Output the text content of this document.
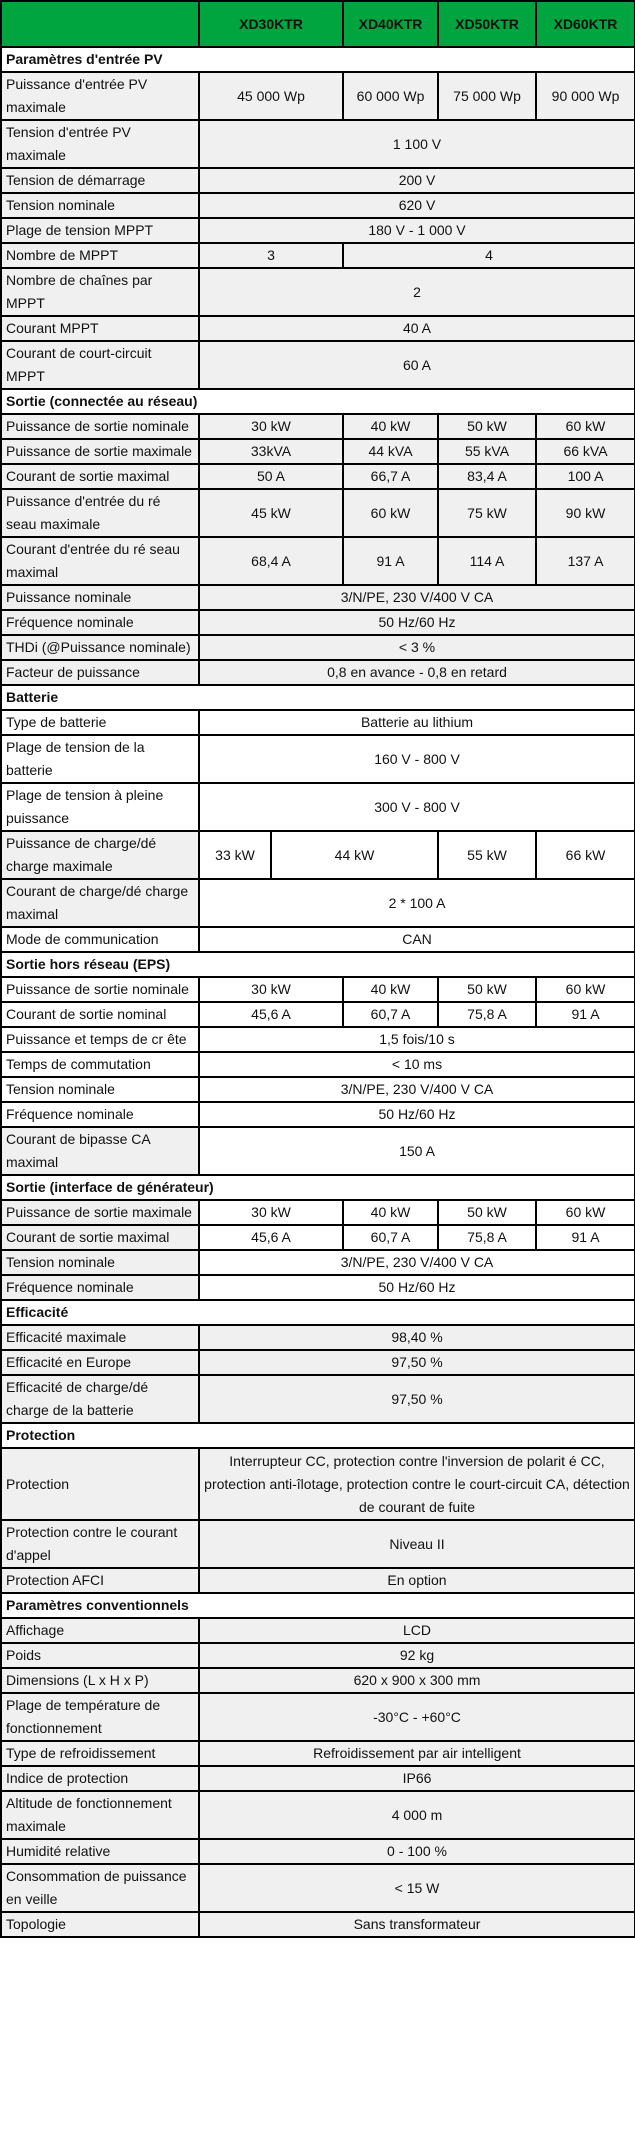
	XD30KTR		XD40KTR	XD50KTR	XD60KTR
Paramètres d'entrée PV					
Puissance d'entrée PV maximale	45 000 Wp		60 000 Wp	75 000 Wp	90 000 Wp
Tension d'entrée PV maximale	1 100 V				
Tension de démarrage	200 V				
Tension nominale	620 V				
Plage de tension MPPT	180 V - 1 000 V				
Nombre de MPPT	3		4		
Nombre de chaînes par MPPT	2				
Courant MPPT	40 A				
Courant de court-circuit MPPT	60 A				
Sortie (connectée au réseau)					
Puissance de sortie nominale	30 kW		40 kW	50 kW	60 kW
Puissance de sortie maximale	33kVA		44 kVA	55 kVA	66 kVA
Courant de sortie maximal	50 A		66,7 A	83,4 A	100 A
Puissance d'entrée du ré seau maximale	45 kW		60 kW	75 kW	90 kW
Courant d'entrée du ré seau maximal	68,4 A		91 A	114 A	137 A
Puissance nominale	3/N/PE, 230 V/400 V CA				
Fréquence nominale	50 Hz/60 Hz				
THDi (@Puissance nominale)	< 3 %				
Facteur de puissance	0,8 en avance - 0,8 en retard				
Batterie					
Type de batterie	Batterie au lithium				
Plage de tension de la batterie	160 V - 800 V				
Plage de tension à pleine puissance	300 V - 800 V				
Puissance de charge/dé charge maximale	33 kW	44 kW		55 kW	66 kW
Courant de charge/dé charge maximal	2 * 100 A				
Mode de communication	CAN				
Sortie hors réseau (EPS)					
Puissance de sortie nominale	30 kW		40 kW	50 kW	60 kW
Courant de sortie nominal	45,6 A		60,7 A	75,8 A	91 A
Puissance et temps de cr ête	1,5 fois/10 s				
Temps de commutation	< 10 ms				
Tension nominale	3/N/PE, 230 V/400 V CA				
Fréquence nominale	50 Hz/60 Hz				
Courant de bipasse CA maximal	150 A				
Sortie (interface de générateur)					
Puissance de sortie maximale	30 kW		40 kW	50 kW	60 kW
Courant de sortie maximal	45,6 A		60,7 A	75,8 A	91 A
Tension nominale	3/N/PE, 230 V/400 V CA				
Fréquence nominale	50 Hz/60 Hz				
Efficacité					
Efficacité maximale	98,40 %				
Efficacité en Europe	97,50 %				
Efficacité de charge/dé charge de la batterie	97,50 %				
Protection					
Protection	Interrupteur CC, protection contre l'inversion de polarit é CC, protection anti-îlotage, protection contre le court-circuit CA, détection de courant de fuite				
Protection contre le courant d'appel	Niveau II				
Protection AFCI	En option				
Paramètres conventionnels					
Affichage	LCD				
Poids	92 kg				
Dimensions (L x H x P)	620 x 900 x 300 mm				
Plage de température de fonctionnement	-30°C - +60°C				
Type de refroidissement	Refroidissement par air intelligent				
Indice de protection	IP66				
Altitude de fonctionnement maximale	4 000 m				
Humidité relative	0 - 100 %				
Consommation de puissance en veille	< 15 W				
Topologie	Sans transformateur				
